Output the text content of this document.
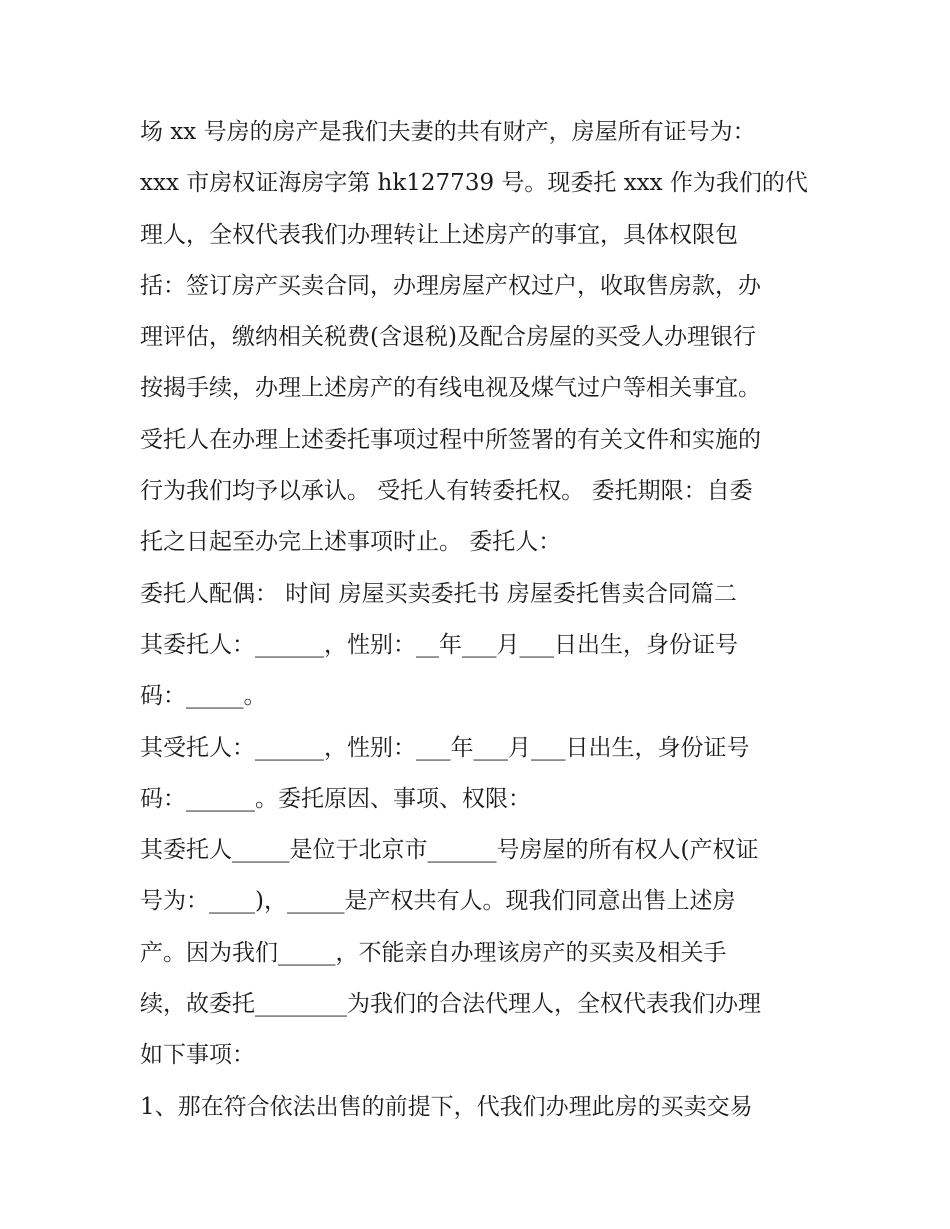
场 xx 号房的房产是我们夫妻的共有财产，房屋所有证号为：
xxx 市房权证海房字第 hk127739 号。现委托 xxx 作为我们的代
理人，全权代表我们办理转让上述房产的事宜，具体权限包
括：签订房产买卖合同，办理房屋产权过户，收取售房款，办
理评估，缴纳相关税费(含退税)及配合房屋的买受人办理银行
按揭手续，办理上述房产的有线电视及煤气过户等相关事宜。
受托人在办理上述委托事项过程中所签署的有关文件和实施的
行为我们均予以承认。 受托人有转委托权。 委托期限：自委
托之日起至办完上述事项时止。 委托人：
委托人配偶： 时间 房屋买卖委托书 房屋委托售卖合同篇二
其委托人：______，性别：__年___月___日出生，身份证号
码：_____。
其受托人：______，性别：___年___月___日出生，身份证号
码：______。委托原因、事项、权限：
其委托人_____是位于北京市______号房屋的所有权人(产权证
号为：____)，_____是产权共有人。现我们同意出售上述房
产。因为我们_____，不能亲自办理该房产的买卖及相关手
续，故委托________为我们的合法代理人，全权代表我们办理
如下事项：
1、那在符合依法出售的前提下，代我们办理此房的买卖交易
